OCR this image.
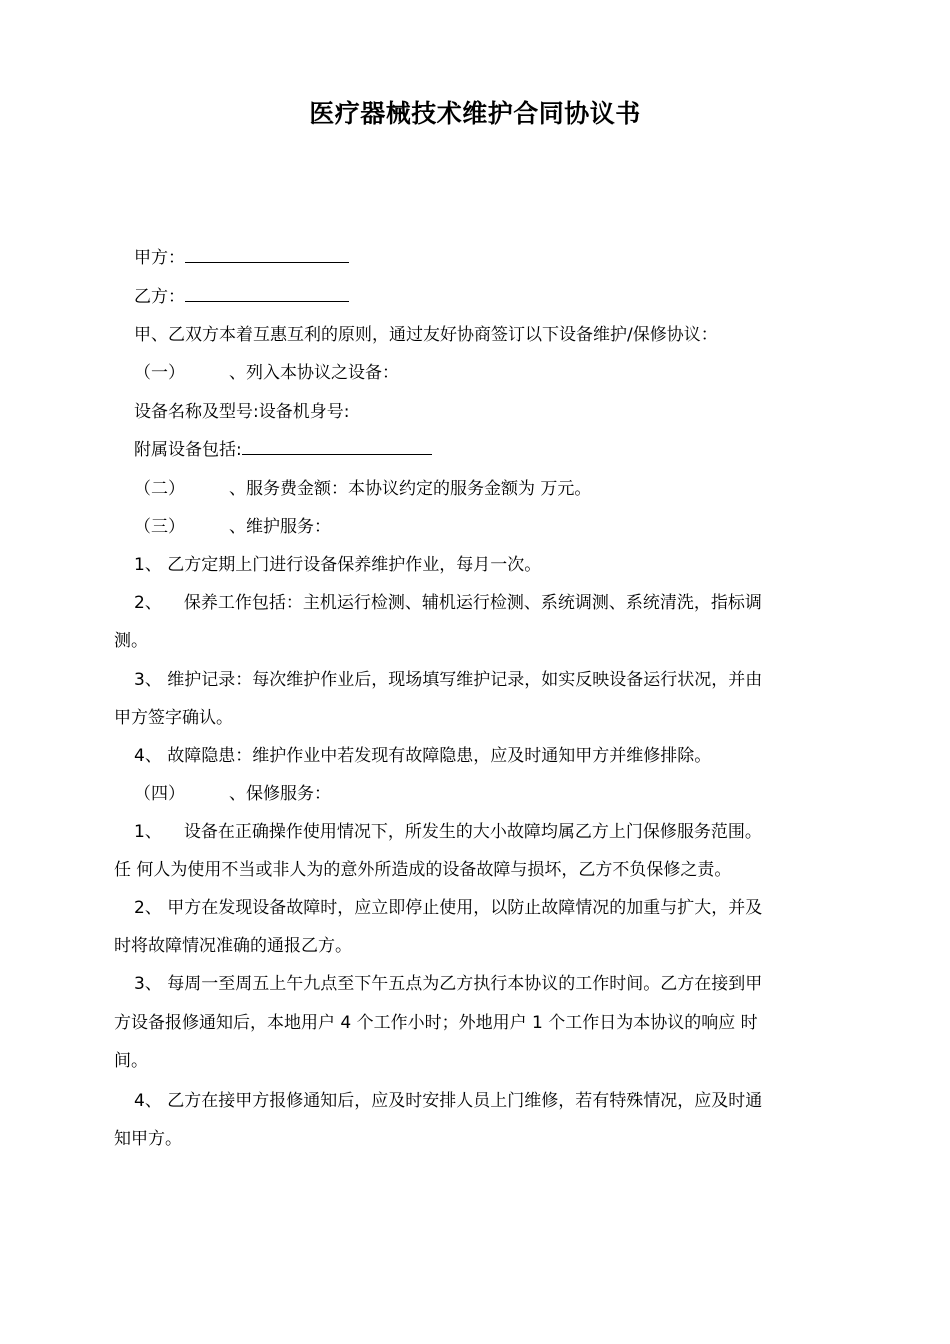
医疗器械技术维护合同协议书
甲方：
乙方：
甲、乙双方本着互惠互利的原则，通过友好协商签订以下设备维护/保修协议：
（一）	、列入本协议之设备：
设备名称及型号:设备机身号:
附属设备包括:
（二）	、服务费金额：本协议约定的服务金额为 万元。
（三）	、维护服务：
1、 乙方定期上门进行设备保养维护作业，每月一次。
2、 保养工作包括：主机运行检测、辅机运行检测、系统调测、系统清洗，指标调
测。
3、 维护记录：每次维护作业后，现场填写维护记录，如实反映设备运行状况，并由
甲方签字确认。
4、 故障隐患：维护作业中若发现有故障隐患，应及时通知甲方并维修排除。
（四）	、保修服务：
1、 设备在正确操作使用情况下，所发生的大小故障均属乙方上门保修服务范围。
任 何人为使用不当或非人为的意外所造成的设备故障与损坏，乙方不负保修之责。
2、 甲方在发现设备故障时，应立即停止使用，以防止故障情况的加重与扩大，并及
时将故障情况准确的通报乙方。
3、 每周一至周五上午九点至下午五点为乙方执行本协议的工作时间。乙方在接到甲
方设备报修通知后，本地用户 4 个工作小时；外地用户 1 个工作日为本协议的响应 时
间。
4、 乙方在接甲方报修通知后，应及时安排人员上门维修，若有特殊情况，应及时通
知甲方。
